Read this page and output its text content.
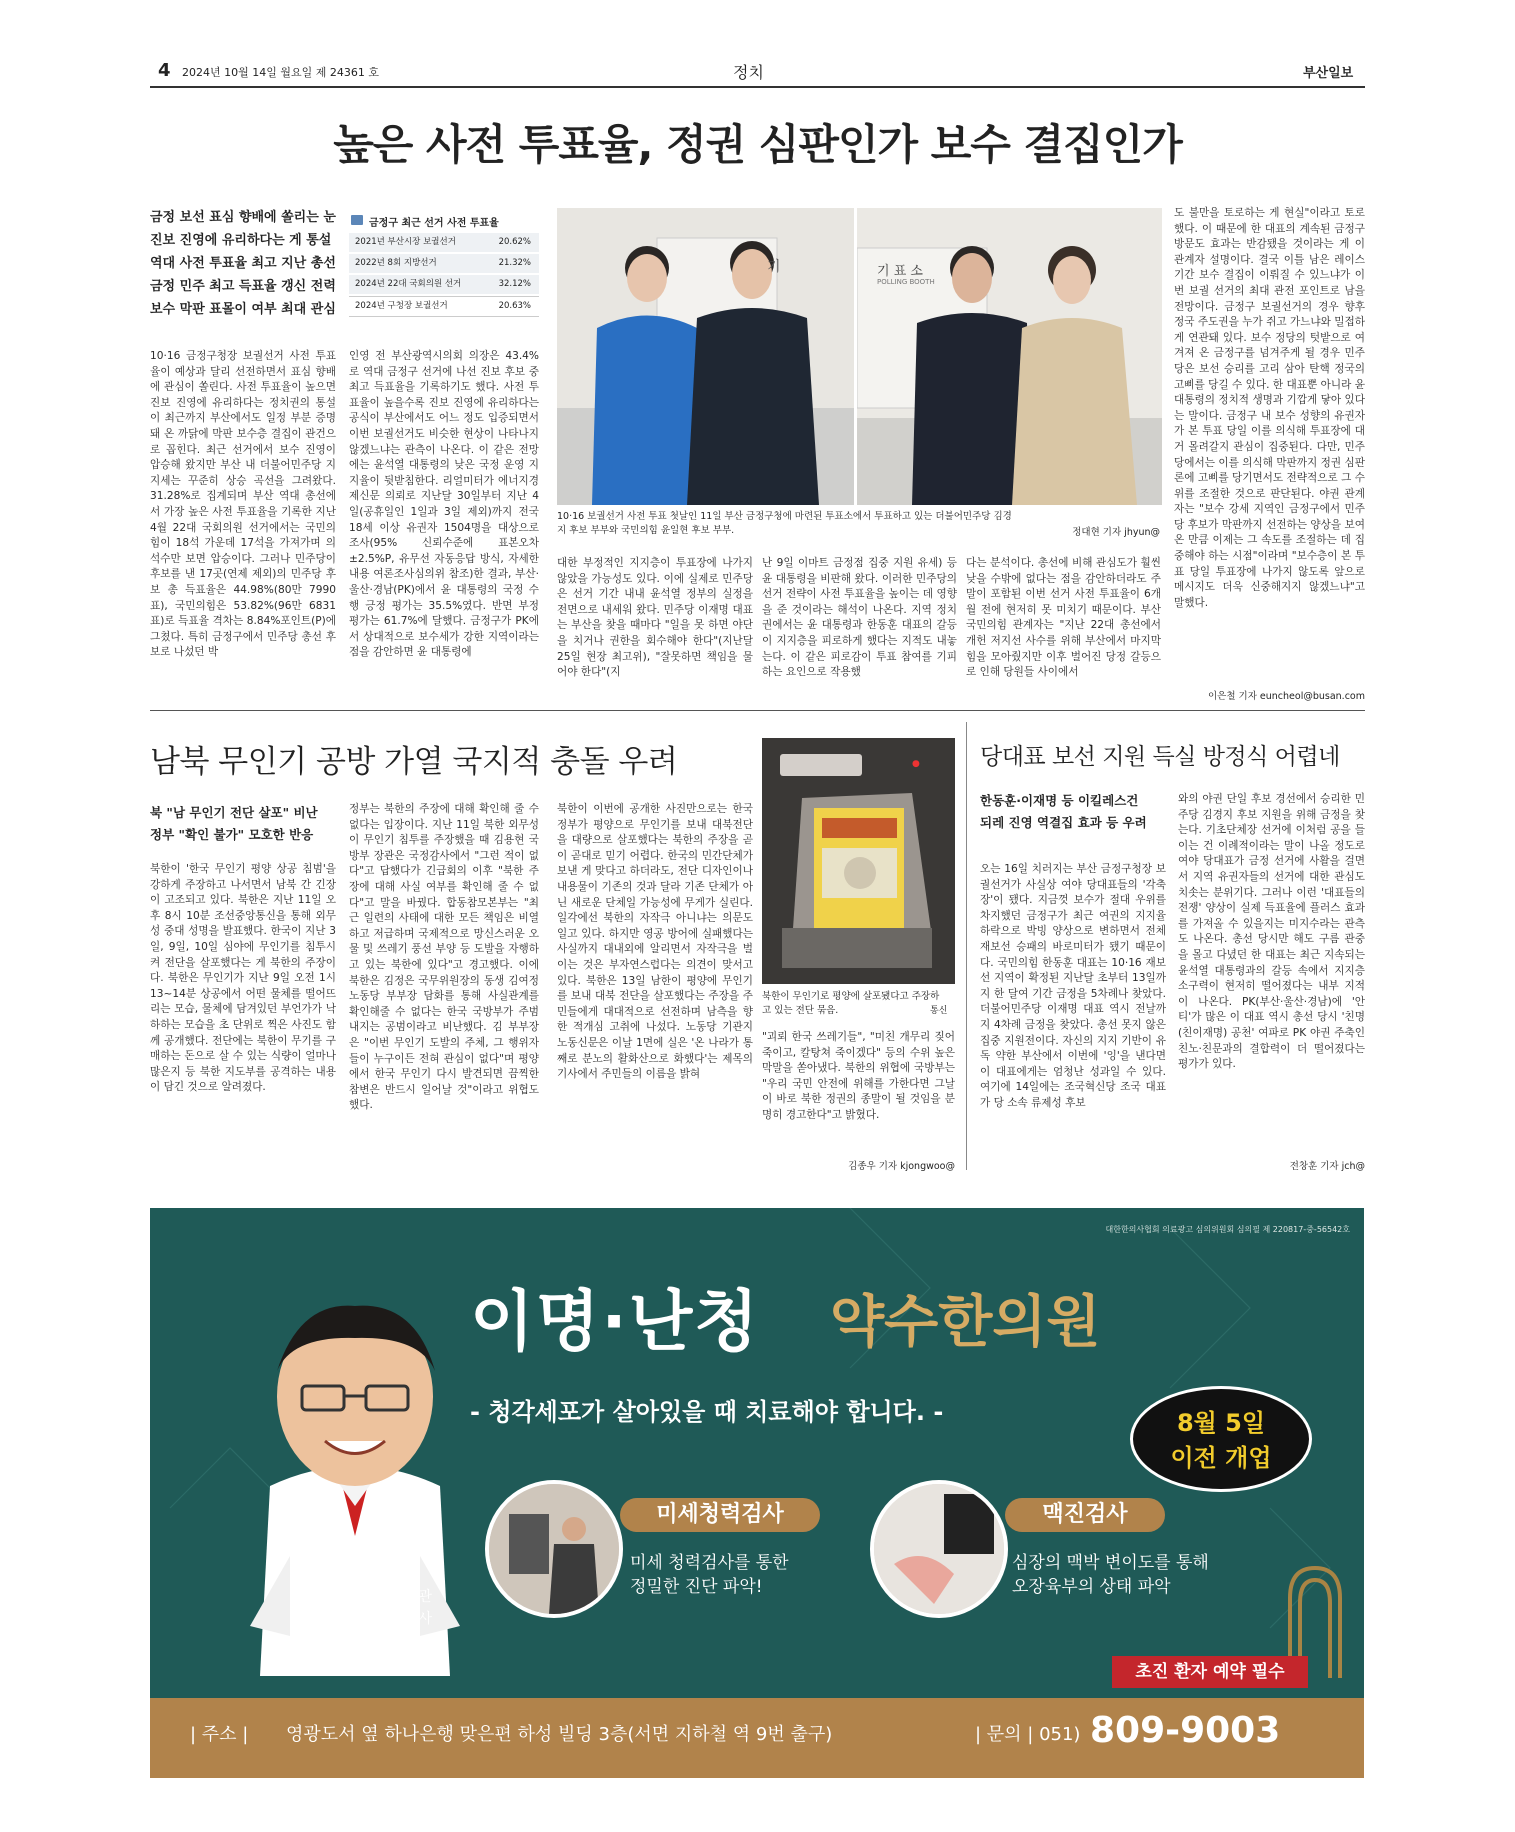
4 2024년 10월 14일 월요일 제 24361 호	정치	부산일보
높은 사전 투표율, 정권 심판인가 보수 결집인가
금정 보선 표심 향배에 쏠리는 눈
진보 진영에 유리하다는 게 통설
역대 사전 투표율 최고 지난 총선
금정 민주 최고 득표율 갱신 전력
보수 막판 표몰이 여부 최대 관심
금정구 최근 선거 사전 투표율
2021년 부산시장 보궐선거	20.62%
2022년 8회 지방선거	21.32%
2024년 22대 국회의원 선거	32.12%
2024년 구청장 보궐선거	20.63%
10·16 금정구청장 보궐선거 사전 투표율이 예상과 달리 선전하면서 표심 향배에 관심이 쏠린다. 사전 투표율이 높으면 진보 진영에 유리하다는 정치권의 통설이 최근까지 부산에서도 일정 부분 증명돼 온 까닭에 막판 보수층 결집이 관건으로 꼽힌다. 최근 선거에서 보수 진영이 압승해 왔지만 부산 내 더불어민주당 지지세는 꾸준히 상승 곡선을 그려왔다. 31.28%로 집계되며 부산 역대 총선에서 가장 높은 사전 투표율을 기록한 지난 4월 22대 국회의원 선거에서는 국민의힘이 18석 가운데 17석을 가져가며 의석수만 보면 압승이다. 그러나 민주당이 후보를 낸 17곳(연제 제외)의 민주당 후보 총 득표율은 44.98%(80만 7990표), 국민의힘은 53.82%(96만 6831표)로 득표율 격차는 8.84%포인트(P)에 그쳤다. 특히 금정구에서 민주당 총선 후보로 나섰던 박
인영 전 부산광역시의회 의장은 43.4%로 역대 금정구 선거에 나선 진보 후보 중 최고 득표율을 기록하기도 했다. 사전 투표율이 높을수록 진보 진영에 유리하다는 공식이 부산에서도 어느 정도 입증되면서 이번 보궐선거도 비슷한 현상이 나타나지 않겠느냐는 관측이 나온다. 이 같은 전망에는 윤석열 대통령의 낮은 국정 운영 지지율이 뒷받침한다. 리얼미터가 에너지경제신문 의뢰로 지난달 30일부터 지난 4일(공휴일인 1일과 3일 제외)까지 전국 18세 이상 유권자 1504명을 대상으로 조사(95% 신뢰수준에 표본오차 ±2.5%P, 유무선 자동응답 방식, 자세한 내용 여론조사심의위 참조)한 결과, 부산·울산·경남(PK)에서 윤 대통령의 국정 수행 긍정 평가는 35.5%였다. 반면 부정 평가는 61.7%에 달했다. 금정구가 PK에서 상대적으로 보수세가 강한 지역이라는 점을 감안하면 윤 대통령에
기	기 표 소
POLLING BOOTH
10·16 보궐선거 사전 투표 첫날인 11일 부산 금정구청에 마련된 투표소에서 투표하고 있는 더불어민주당 김경지 후보 부부와 국민의힘 윤일현 후보 부부.	정대현 기자 jhyun@
대한 부정적인 지지층이 투표장에 나가지 않았을 가능성도 있다. 이에 실제로 민주당은 선거 기간 내내 윤석열 정부의 실정을 전면으로 내세워 왔다. 민주당 이재명 대표는 부산을 찾을 때마다 "일을 못 하면 야단을 치거나 권한을 회수해야 한다"(지난달 25일 현장 최고위), "잘못하면 책임을 물어야 한다"(지
난 9일 이마트 금정점 집중 지원 유세) 등 윤 대통령을 비판해 왔다. 이러한 민주당의 선거 전략이 사전 투표율을 높이는 데 영향을 준 것이라는 해석이 나온다. 지역 정치권에서는 윤 대통령과 한동훈 대표의 갈등이 지지층을 피로하게 했다는 지적도 내놓는다. 이 같은 피로감이 투표 참여를 기피하는 요인으로 작용했
다는 분석이다. 총선에 비해 관심도가 훨씬 낮을 수밖에 없다는 점을 감안하더라도 주말이 포함된 이번 선거 사전 투표율이 6개월 전에 현저히 못 미치기 때문이다. 부산 국민의힘 관계자는 "지난 22대 총선에서 개헌 저지선 사수를 위해 부산에서 마지막 힘을 모아줬지만 이후 벌어진 당정 갈등으로 인해 당원들 사이에서
도 불만을 토로하는 게 현실"이라고 토로했다. 이 때문에 한 대표의 계속된 금정구 방문도 효과는 반감됐을 것이라는 게 이 관계자 설명이다. 결국 이틀 남은 레이스 기간 보수 결집이 이뤄질 수 있느냐가 이번 보궐 선거의 최대 관전 포인트로 남을 전망이다. 금정구 보궐선거의 경우 향후 정국 주도권을 누가 쥐고 가느냐와 밀접하게 연관돼 있다. 보수 정당의 텃밭으로 여겨져 온 금정구를 넘겨주게 될 경우 민주당은 보선 승리를 고리 삼아 탄핵 정국의 고삐를 당길 수 있다. 한 대표뿐 아니라 윤 대통령의 정치적 생명과 기깝게 닿아 있다는 말이다. 금정구 내 보수 성향의 유권자가 본 투표 당일 이를 의식해 투표장에 대거 몰려갈지 관심이 집중된다. 다만, 민주당에서는 이를 의식해 막판까지 정권 심판론에 고삐를 당기면서도 전략적으로 그 수위를 조절한 것으로 판단된다. 야권 관계자는 "보수 강세 지역인 금정구에서 민주당 후보가 막판까지 선전하는 양상을 보여 온 만큼 이제는 그 속도를 조절하는 데 집중해야 하는 시점"이라며 "보수층이 본 투표 당일 투표장에 나가지 않도록 앞으로 메시지도 더욱 신중해지지 않겠느냐"고 말했다.
이은철 기자 euncheol@busan.com
남북 무인기 공방 가열 국지적 충돌 우려
북 "남 무인기 전단 살포" 비난
정부 "확인 불가" 모호한 반응
북한이 '한국 무인기 평양 상공 침범'을 강하게 주장하고 나서면서 남북 간 긴장이 고조되고 있다. 북한은 지난 11일 오후 8시 10분 조선중앙통신을 통해 외무성 중대 성명을 발표했다. 한국이 지난 3일, 9일, 10일 심야에 무인기를 침투시켜 전단을 살포했다는 게 북한의 주장이다. 북한은 무인기가 지난 9일 오전 1시 13~14분 상공에서 어떤 물체를 떨어뜨리는 모습, 물체에 담겨있던 부언가가 낙하하는 모습을 초 단위로 찍은 사진도 함께 공개했다. 전단에는 북한이 무기를 구매하는 돈으로 살 수 있는 식량이 얼마나 많은지 등 북한 지도부를 공격하는 내용이 담긴 것으로 알려졌다.
정부는 북한의 주장에 대해 확인해 줄 수 없다는 입장이다. 지난 11일 북한 외무성이 무인기 침투를 주장했을 때 김용현 국방부 장관은 국정감사에서 "그런 적이 없다"고 답했다가 긴급회의 이후 "북한 주장에 대해 사실 여부를 확인해 줄 수 없다"고 말을 바꿨다. 합동참모본부는 "최근 일련의 사태에 대한 모든 책임은 비열하고 저급하며 국제적으로 망신스러운 오물 및 쓰레기 풍선 부양 등 도발을 자행하고 있는 북한에 있다"고 경고했다. 이에 북한은 김정은 국무위원장의 동생 김여정 노동당 부부장 담화를 통해 사실관계를 확인해줄 수 없다는 한국 국방부가 주범 내지는 공범이라고 비난했다. 김 부부장은 "이번 무인기 도발의 주체, 그 행위자들이 누구이든 전혀 관심이 없다"며 평양에서 한국 무인기 다시 발견되면 끔찍한 참변은 반드시 일어날 것"이라고 위협도 했다.
북한이 이번에 공개한 사진만으로는 한국 정부가 평양으로 무인기를 보내 대북전단을 대량으로 살포했다는 북한의 주장을 곧이 곧대로 믿기 어렵다. 한국의 민간단체가 보낸 게 맞다고 하더라도, 전단 디자인이나 내용물이 기존의 것과 달라 기존 단체가 아닌 새로운 단체일 가능성에 무게가 실린다. 일각에선 북한의 자작극 아니냐는 의문도 일고 있다. 하지만 영공 방어에 실패했다는 사실까지 대내외에 알리면서 자작극을 벌이는 것은 부자연스럽다는 의견이 맞서고 있다. 북한은 13일 남한이 평양에 무인기를 보내 대북 전단을 살포했다는 주장을 주민들에게 대대적으로 선전하며 남측을 향한 적개심 고취에 나섰다. 노동당 기관지 노동신문은 이날 1면에 실은 '온 나라가 통째로 분노의 활화산으로 화했다'는 제목의 기사에서 주민들의 이름을 밝혀
●
북한이 무인기로 평양에 살포됐다고 주장하고 있는 전단 묶음.	통신
"괴뢰 한국 쓰레기들", "미친 개무리 짖어 죽이고, 칼탕쳐 죽이겠다" 등의 수위 높은 막말을 쏟아냈다. 북한의 위협에 국방부는 "우리 국민 안전에 위해를 가한다면 그날이 바로 북한 정권의 종말이 될 것임을 분명히 경고한다"고 밝혔다.
김종우 기자 kjongwoo@
당대표 보선 지원 득실 방정식 어렵네
한동훈·이재명 등 이킬레스건
되레 진영 역결집 효과 등 우려
오는 16일 치러지는 부산 금정구청장 보궐선거가 사실상 여야 당대표들의 '각축장'이 됐다. 지금껏 보수가 절대 우위를 차지했던 금정구가 최근 여권의 지지율 하락으로 박빙 양상으로 변하면서 전체 재보선 승패의 바로미터가 됐기 때문이다. 국민의힘 한동훈 대표는 10·16 재보선 지역이 확정된 지난달 초부터 13일까지 한 달여 기간 금정을 5차례나 찾았다. 더불어민주당 이재명 대표 역시 전날까지 4차례 금정을 찾았다. 총선 못지 않은 집중 지원전이다. 자신의 지지 기반이 유독 약한 부산에서 이번에 '잉'을 낸다면 이 대표에게는 엄청난 성과일 수 있다. 여기에 14일에는 조국혁신당 조국 대표가 당 소속 류제성 후보
와의 야권 단일 후보 경선에서 승리한 민주당 김경지 후보 지원을 위해 금정을 찾는다. 기초단체장 선거에 이처럼 공을 들이는 건 이례적이라는 말이 나올 정도로 여야 당대표가 금정 선거에 사활을 걸면서 지역 유권자들의 선거에 대한 관심도 치솟는 분위기다. 그러나 이런 '대표들의 전쟁' 양상이 실제 득표율에 플러스 효과를 가져올 수 있을지는 미지수라는 관측도 나온다. 총선 당시만 해도 구름 관중을 몰고 다녔던 한 대표는 최근 지속되는 윤석열 대통령과의 갈등 속에서 지지층 소구력이 현저히 떨어졌다는 내부 지적이 나온다. PK(부산·울산·경남)에 '안티'가 많은 이 대표 역시 총선 당시 '친명(친이재명) 공천' 여파로 PK 야권 주축인 친노·친문과의 결합력이 더 떨어졌다는 평가가 있다.
전창훈 기자 jch@
대한한의사협회 의료광고 심의위원회 심의필 제 220817-중-56542호
원장 김동관
한의학 박사
이명·난청 약수한의원
- 청각세포가 살아있을 때 치료해야 합니다. -	8월 5일
이전 개업
미세청력검사
미세 청력검사를 통한
정밀한 진단 파악!
맥진검사
심장의 맥박 변이도를 통해
오장육부의 상태 파악
초진 환자 예약 필수
| 주소 | 영광도서 옆 하나은행 맞은편 하성 빌딩 3층(서면 지하철 역 9번 출구)	| 문의 | 051) 809-9003
